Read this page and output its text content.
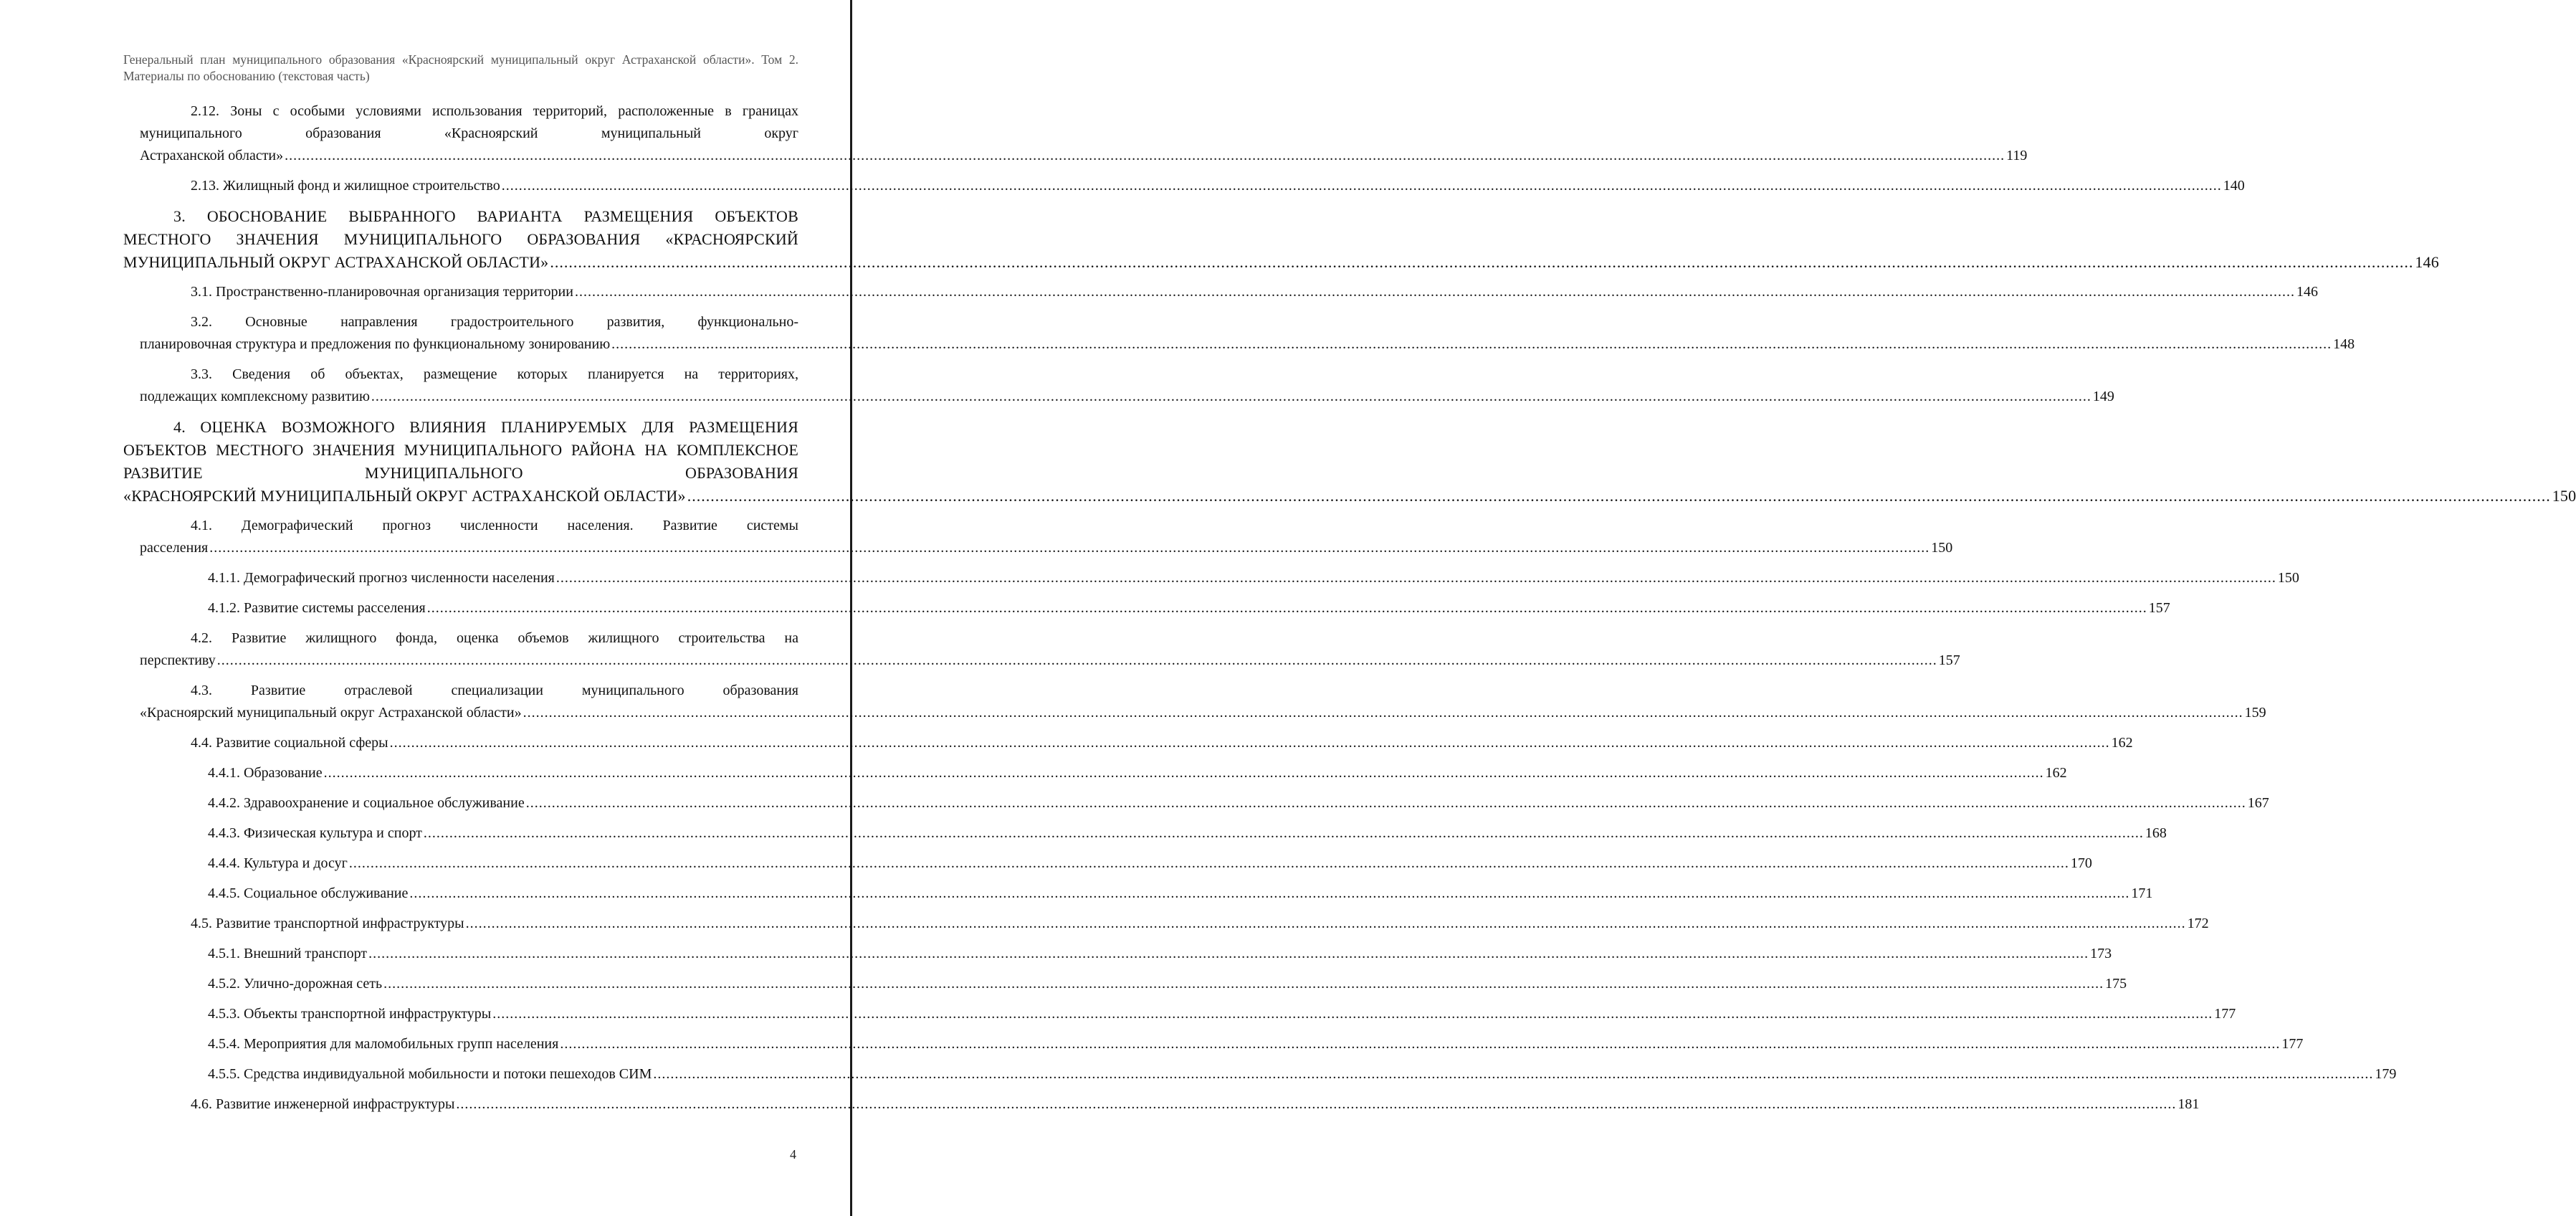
Генеральный план муниципального образования «Красноярский муниципальный округ Астраханской области». Том 2. Материалы по обоснованию (текстовая часть)
2.12. Зоны с особыми условиями использования территорий, расположенные в границах муниципального образования «Красноярский муниципальный округ
Астраханской области» ................................................................................................................................................................................................................................................................................................................................................................................................................ 119
2.13. Жилищный фонд и жилищное строительство ................................................................................................................................................................................................................................................................................................................................................................................................................ 140
3. ОБОСНОВАНИЕ ВЫБРАННОГО ВАРИАНТА РАЗМЕЩЕНИЯ ОБЪЕКТОВ МЕСТНОГО ЗНАЧЕНИЯ МУНИЦИПАЛЬНОГО ОБРАЗОВАНИЯ «КРАСНОЯРСКИЙ
МУНИЦИПАЛЬНЫЙ ОКРУГ АСТРАХАНСКОЙ ОБЛАСТИ» ................................................................................................................................................................................................................................................................................................................................................................................................................ 146
3.1. Пространственно-планировочная организация территории ................................................................................................................................................................................................................................................................................................................................................................................................................ 146
3.2. Основные направления градостроительного развития, функционально-
планировочная структура и предложения по функциональному зонированию ................................................................................................................................................................................................................................................................................................................................................................................................................ 148
3.3. Сведения об объектах, размещение которых планируется на территориях,
подлежащих комплексному развитию ................................................................................................................................................................................................................................................................................................................................................................................................................ 149
4. ОЦЕНКА ВОЗМОЖНОГО ВЛИЯНИЯ ПЛАНИРУЕМЫХ ДЛЯ РАЗМЕЩЕНИЯ ОБЪЕКТОВ МЕСТНОГО ЗНАЧЕНИЯ МУНИЦИПАЛЬНОГО РАЙОНА НА КОМПЛЕКСНОЕ РАЗВИТИЕ МУНИЦИПАЛЬНОГО ОБРАЗОВАНИЯ
«КРАСНОЯРСКИЙ МУНИЦИПАЛЬНЫЙ ОКРУГ АСТРАХАНСКОЙ ОБЛАСТИ» ................................................................................................................................................................................................................................................................................................................................................................................................................ 150
4.1. Демографический прогноз численности населения. Развитие системы
расселения ................................................................................................................................................................................................................................................................................................................................................................................................................ 150
4.1.1. Демографический прогноз численности населения ................................................................................................................................................................................................................................................................................................................................................................................................................ 150
4.1.2. Развитие системы расселения ................................................................................................................................................................................................................................................................................................................................................................................................................ 157
4.2. Развитие жилищного фонда, оценка объемов жилищного строительства на
перспективу ................................................................................................................................................................................................................................................................................................................................................................................................................ 157
4.3. Развитие отраслевой специализации муниципального образования
«Красноярский муниципальный округ Астраханской области» ................................................................................................................................................................................................................................................................................................................................................................................................................ 159
4.4. Развитие социальной сферы ................................................................................................................................................................................................................................................................................................................................................................................................................ 162
4.4.1. Образование ................................................................................................................................................................................................................................................................................................................................................................................................................ 162
4.4.2. Здравоохранение и социальное обслуживание ................................................................................................................................................................................................................................................................................................................................................................................................................ 167
4.4.3. Физическая культура и спорт ................................................................................................................................................................................................................................................................................................................................................................................................................ 168
4.4.4. Культура и досуг ................................................................................................................................................................................................................................................................................................................................................................................................................ 170
4.4.5. Социальное обслуживание ................................................................................................................................................................................................................................................................................................................................................................................................................ 171
4.5. Развитие транспортной инфраструктуры ................................................................................................................................................................................................................................................................................................................................................................................................................ 172
4.5.1. Внешний транспорт ................................................................................................................................................................................................................................................................................................................................................................................................................ 173
4.5.2. Улично-дорожная сеть ................................................................................................................................................................................................................................................................................................................................................................................................................ 175
4.5.3. Объекты транспортной инфраструктуры ................................................................................................................................................................................................................................................................................................................................................................................................................ 177
4.5.4. Мероприятия для маломобильных групп населения ................................................................................................................................................................................................................................................................................................................................................................................................................ 177
4.5.5. Средства индивидуальной мобильности и потоки пешеходов СИМ ................................................................................................................................................................................................................................................................................................................................................................................................................ 179
4.6. Развитие инженерной инфраструктуры ................................................................................................................................................................................................................................................................................................................................................................................................................ 181
4
